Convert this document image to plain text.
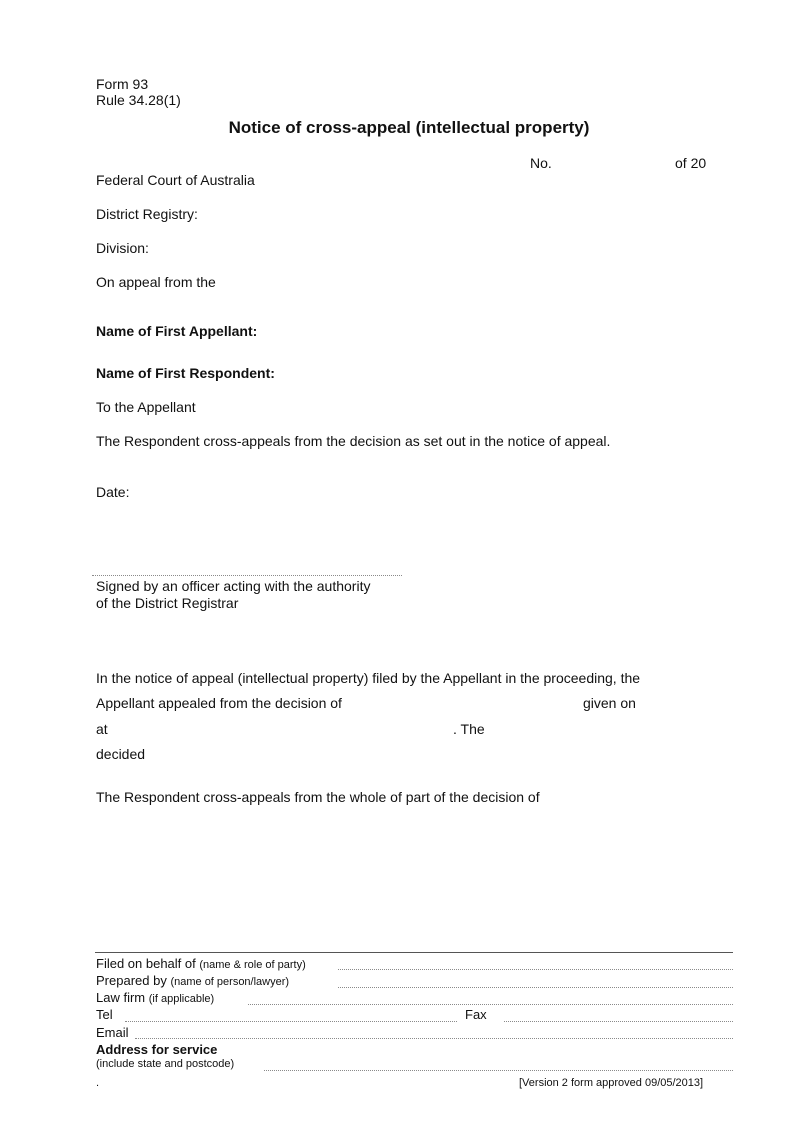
Form 93
Rule 34.28(1)
Notice of cross-appeal (intellectual property)
No.	of 20
Federal Court of Australia
District Registry:
Division:
On appeal from the
Name of First Appellant:
Name of First Respondent:
To the Appellant
The Respondent cross-appeals from the decision as set out in the notice of appeal.
Date:
Signed by an officer acting with the authority
of the District Registrar
In the notice of appeal (intellectual property) filed by the Appellant in the proceeding, the
Appellant appealed from the decision of	given on
at	. The
decided
The Respondent cross-appeals from the whole of part of the decision of
Filed on behalf of (name & role of party)
Prepared by (name of person/lawyer)
Law firm (if applicable)
Tel	Fax
Email
Address for service
(include state and postcode)
.	[Version 2 form approved 09/05/2013]
